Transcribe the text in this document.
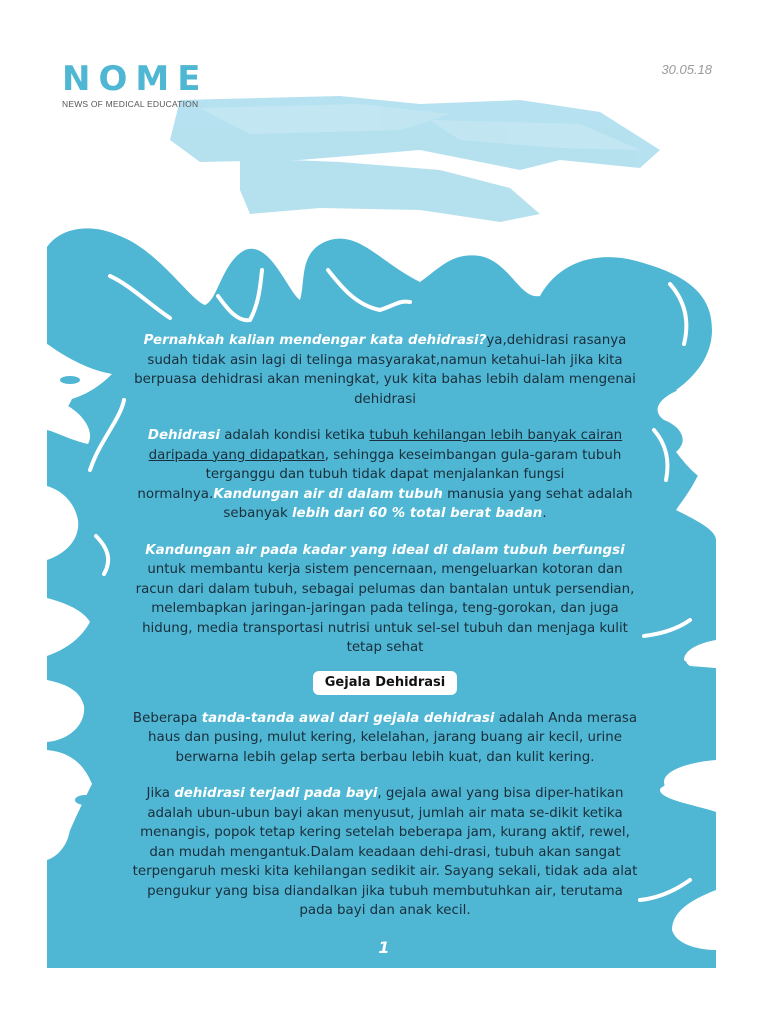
NOME
NEWS OF MEDICAL EDUCATION
30.05.18

Pernahkah kalian mendengar kata dehidrasi?ya,dehidrasi rasanya sudah tidak asin lagi di telinga masyarakat,namun ketahui-lah jika kita berpuasa dehidrasi akan meningkat, yuk kita bahas lebih dalam mengenai dehidrasi

Dehidrasi adalah kondisi ketika tubuh kehilangan lebih banyak cairan daripada yang didapatkan, sehingga keseimbangan gula-garam tubuh terganggu dan tubuh tidak dapat menjalankan fungsi normalnya.Kandungan air di dalam tubuh manusia yang sehat adalah sebanyak lebih dari 60 % total berat badan.

Kandungan air pada kadar yang ideal di dalam tubuh berfungsi untuk membantu kerja sistem pencernaan, mengeluarkan kotoran dan racun dari dalam tubuh, sebagai pelumas dan bantalan untuk persendian, melembapkan jaringan-jaringan pada telinga, teng-gorokan, dan juga hidung, media transportasi nutrisi untuk sel-sel tubuh dan menjaga kulit tetap sehat

Gejala Dehidrasi

Beberapa tanda-tanda awal dari gejala dehidrasi adalah Anda merasa haus dan pusing, mulut kering, kelelahan, jarang buang air kecil, urine berwarna lebih gelap serta berbau lebih kuat, dan kulit kering.

Jika dehidrasi terjadi pada bayi, gejala awal yang bisa diper-hatikan adalah ubun-ubun bayi akan menyusut, jumlah air mata se-dikit ketika menangis, popok tetap kering setelah beberapa jam, kurang aktif, rewel, dan mudah mengantuk.Dalam keadaan dehi-drasi, tubuh akan sangat terpengaruh meski kita kehilangan sedikit air. Sayang sekali, tidak ada alat pengukur yang bisa diandalkan jika tubuh membutuhkan air, terutama pada bayi dan anak kecil.

1
